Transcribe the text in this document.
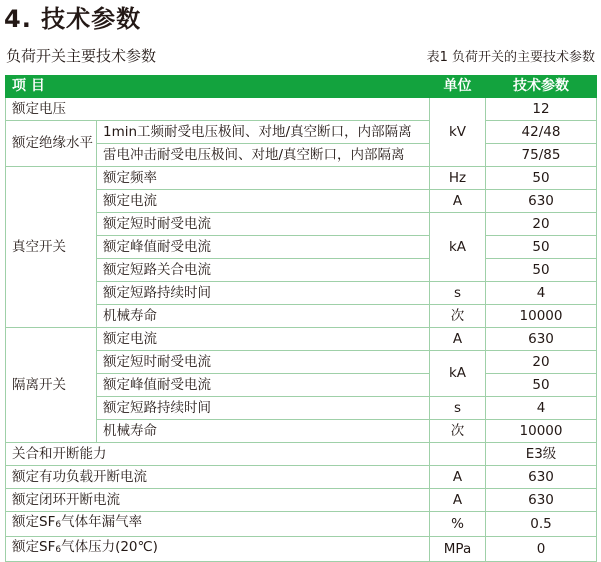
4. 技术参数
负荷开关主要技术参数	表1 负荷开关的主要技术参数
项 目		单位	技术参数
额定电压		kV	12
额定绝缘水平	1min工频耐受电压极间、对地/真空断口，内部隔离		42/48
	雷电冲击耐受电压极间、对地/真空断口，内部隔离		75/85
真空开关	额定频率	Hz	50
	额定电流	A	630
	额定短时耐受电流	kA	20
	额定峰值耐受电流		50
	额定短路关合电流		50
	额定短路持续时间	s	4
	机械寿命	次	10000
隔离开关	额定电流	A	630
	额定短时耐受电流	kA	20
	额定峰值耐受电流		50
	额定短路持续时间	s	4
	机械寿命	次	10000
关合和开断能力			E3级
额定有功负载开断电流		A	630
额定闭环开断电流		A	630
额定$SF_6$气体年漏气率		%	0.5
额定$SF_6$气体压力(20℃)		MPa	0
